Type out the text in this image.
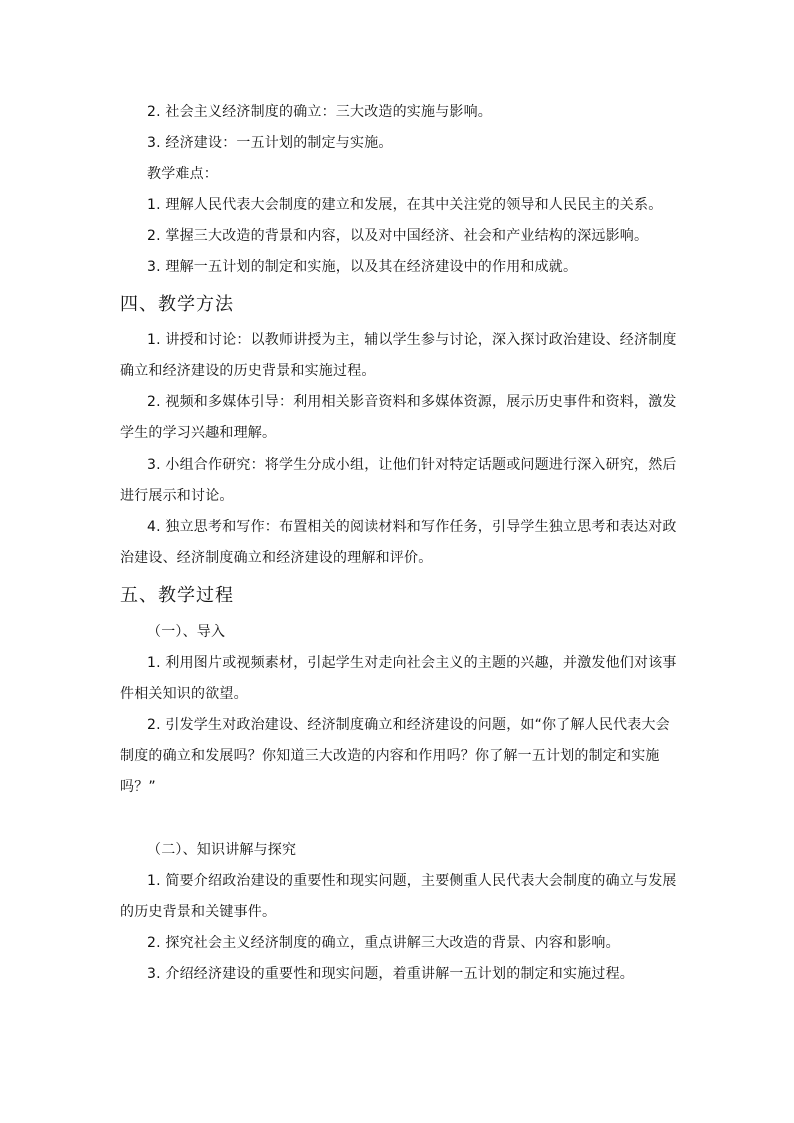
2. 社会主义经济制度的确立：三大改造的实施与影响。
3. 经济建设：一五计划的制定与实施。
教学难点：
1. 理解人民代表大会制度的建立和发展，在其中关注党的领导和人民民主的关系。
2. 掌握三大改造的背景和内容，以及对中国经济、社会和产业结构的深远影响。
3. 理解一五计划的制定和实施，以及其在经济建设中的作用和成就。
四、教学方法
1. 讲授和讨论：以教师讲授为主，辅以学生参与讨论，深入探讨政治建设、经济制度
确立和经济建设的历史背景和实施过程。
2. 视频和多媒体引导：利用相关影音资料和多媒体资源，展示历史事件和资料，激发
学生的学习兴趣和理解。
3. 小组合作研究：将学生分成小组，让他们针对特定话题或问题进行深入研究，然后
进行展示和讨论。
4. 独立思考和写作：布置相关的阅读材料和写作任务，引导学生独立思考和表达对政
治建设、经济制度确立和经济建设的理解和评价。
五、教学过程
（一）、导入
1. 利用图片或视频素材，引起学生对走向社会主义的主题的兴趣，并激发他们对该事
件相关知识的欲望。
2. 引发学生对政治建设、经济制度确立和经济建设的问题，如“你了解人民代表大会
制度的确立和发展吗？你知道三大改造的内容和作用吗？你了解一五计划的制定和实施
吗？”
（二）、知识讲解与探究
1. 简要介绍政治建设的重要性和现实问题，主要侧重人民代表大会制度的确立与发展
的历史背景和关键事件。
2. 探究社会主义经济制度的确立，重点讲解三大改造的背景、内容和影响。
3. 介绍经济建设的重要性和现实问题，着重讲解一五计划的制定和实施过程。
